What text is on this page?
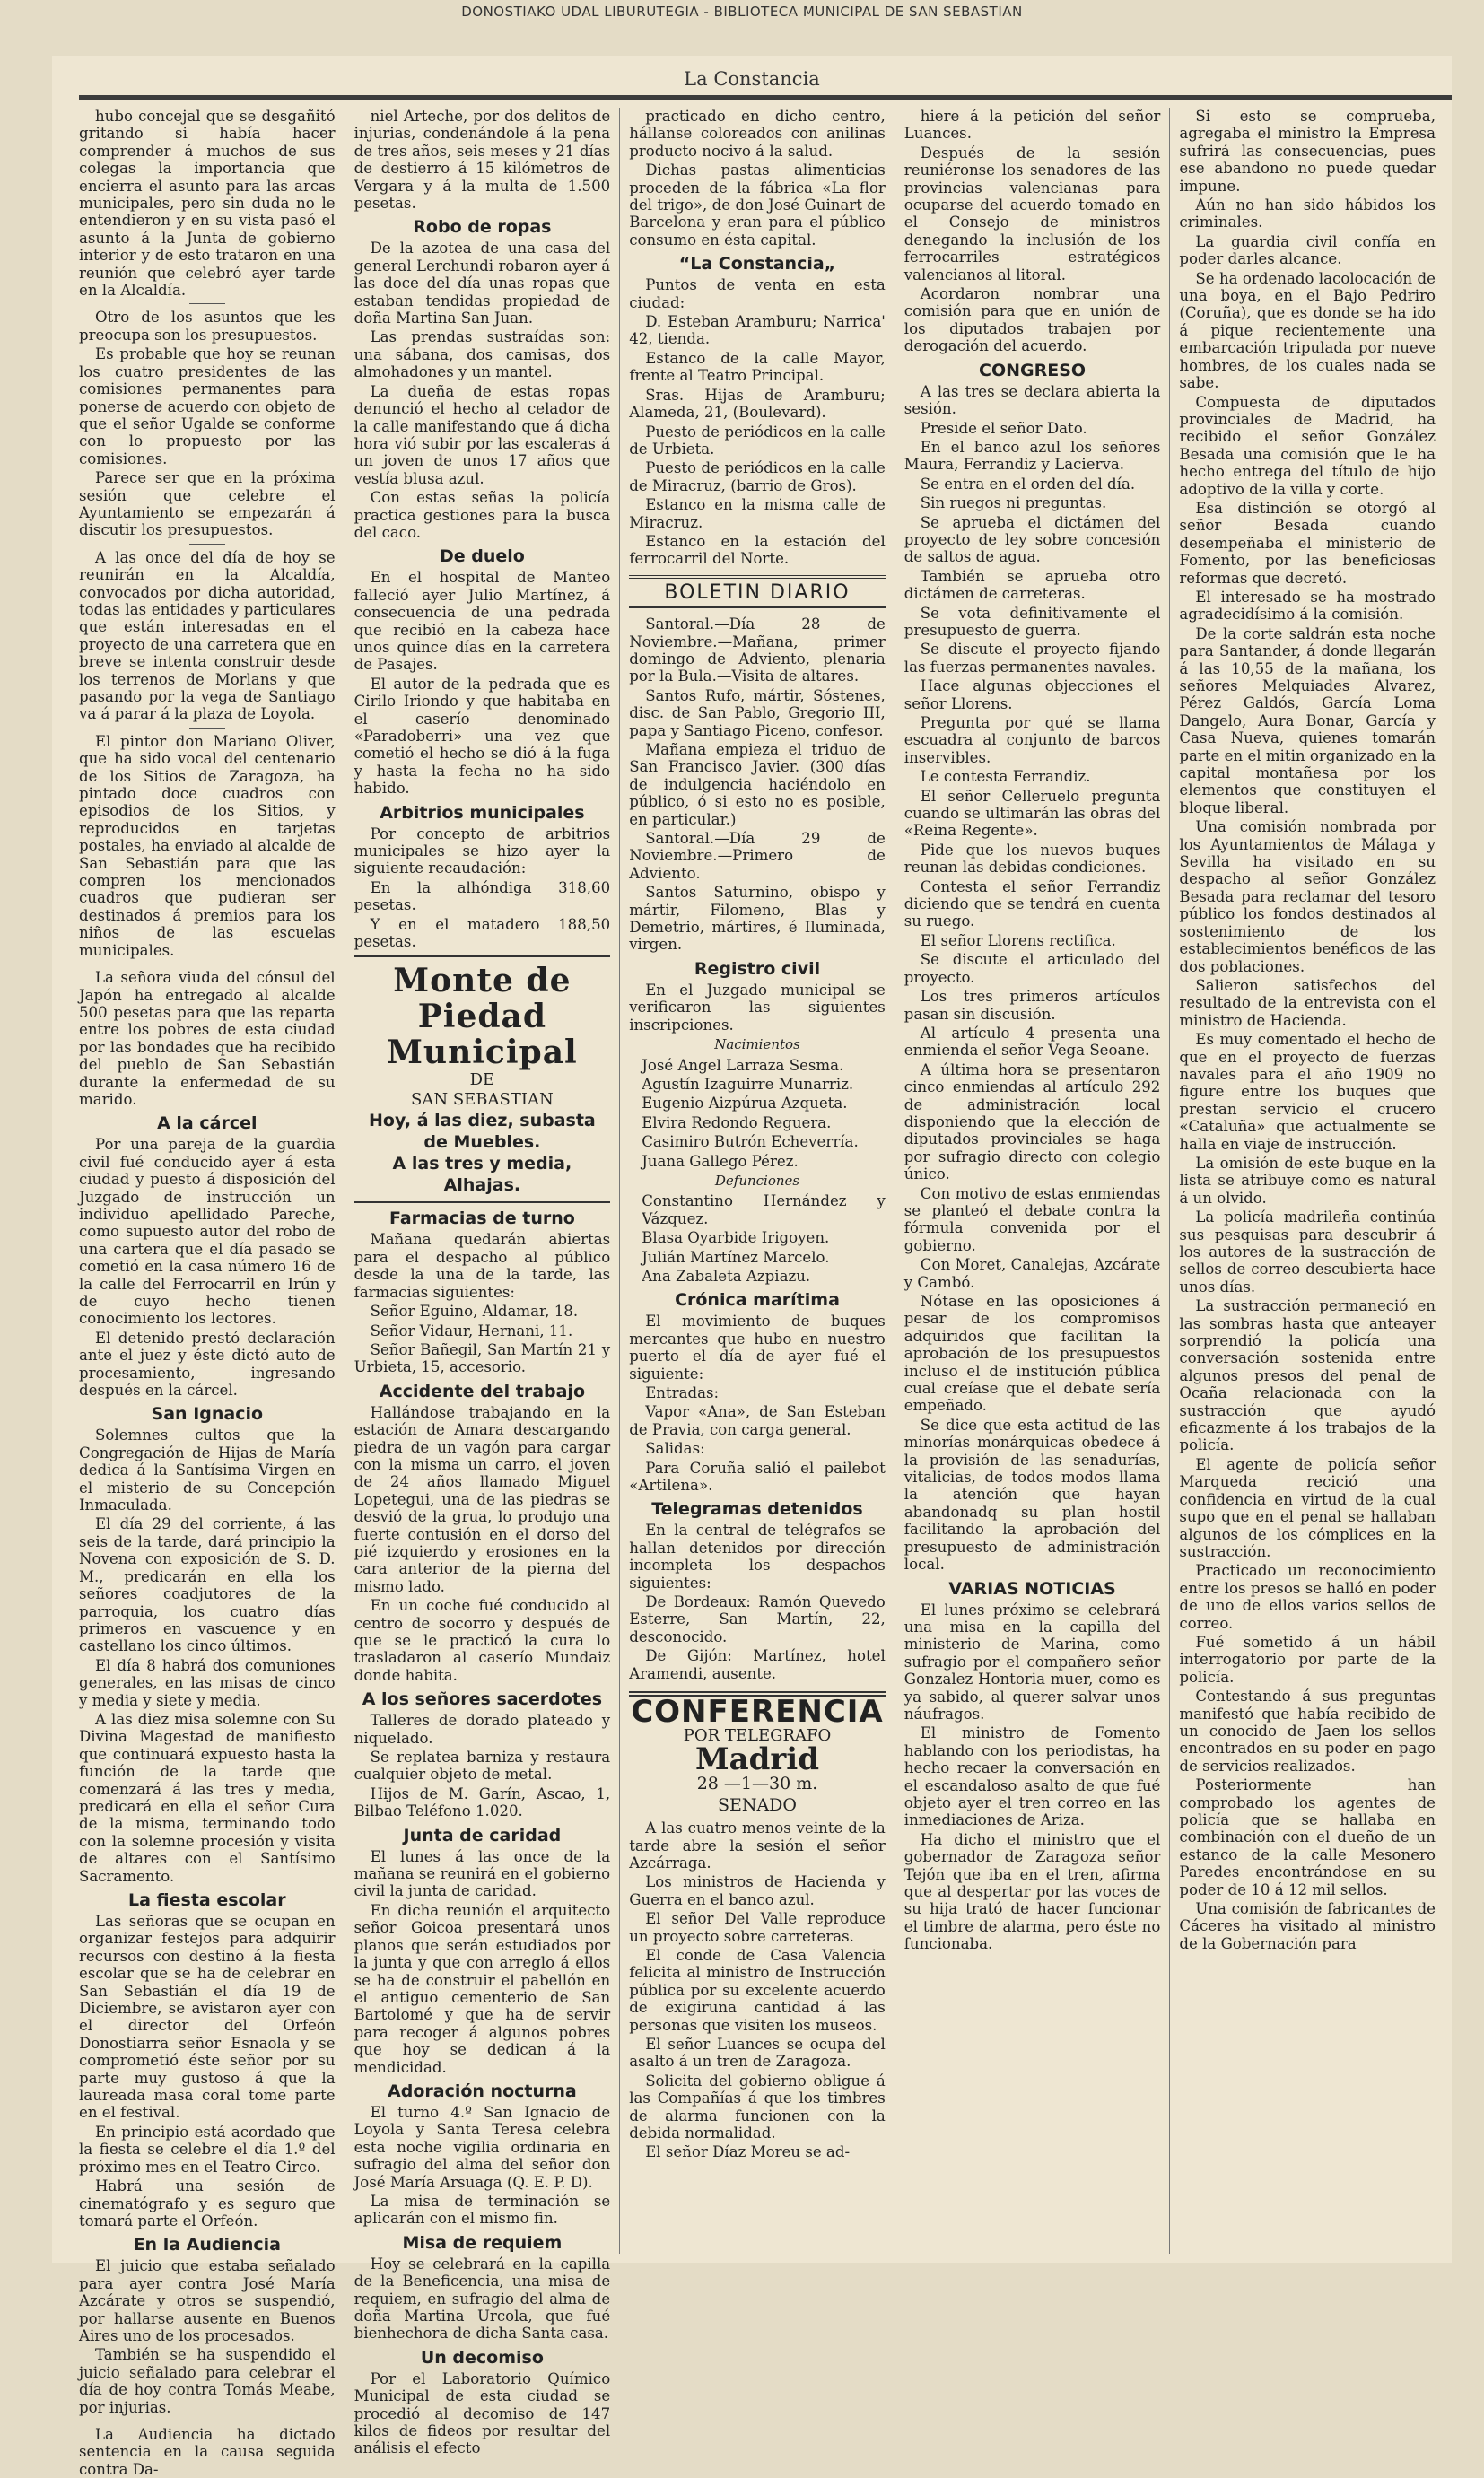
DONOSTIAKO UDAL LIBURUTEGIA - BIBLIOTECA MUNICIPAL DE SAN SEBASTIAN
La Constancia

hubo concejal que se desgañitó gritando si había hacer comprender á muchos de sus colegas la importancia que encierra el asunto para las arcas municipales, pero sin duda no le entendieron y en su vista pasó el asunto á la Junta de gobierno interior y de esto trataron en una reunión que celebró ayer tarde en la Alcaldía.

Otro de los asuntos que les preocupa son los presupuestos.

Es probable que hoy se reunan los cuatro presidentes de las comisiones permanentes para ponerse de acuerdo con objeto de que el señor Ugalde se conforme con lo propuesto por las comisiones.

Parece ser que en la próxima sesión que celebre el Ayuntamiento se empezarán á discutir los presupuestos.

A las once del día de hoy se reunirán en la Alcaldía, convocados por dicha autoridad, todas las entidades y particulares que están interesadas en el proyecto de una carretera que en breve se intenta construir desde los terrenos de Morlans y que pasando por la vega de Santiago va á parar á la plaza de Loyola.

El pintor don Mariano Oliver, que ha sido vocal del centenario de los Sitios de Zaragoza, ha pintado doce cuadros con episodios de los Sitios, y reproducidos en tarjetas postales, ha enviado al alcalde de San Sebastián para que las compren los mencionados cuadros que pudieran ser destinados á premios para los niños de las escuelas municipales.

La señora viuda del cónsul del Japón ha entregado al alcalde 500 pesetas para que las reparta entre los pobres de esta ciudad por las bondades que ha recibido del pueblo de San Sebastián durante la enfermedad de su marido.

A la cárcel

Por una pareja de la guardia civil fué conducido ayer á esta ciudad y puesto á disposición del Juzgado de instrucción un individuo apellidado Pareche, como supuesto autor del robo de una cartera que el día pasado se cometió en la casa número 16 de la calle del Ferrocarril en Irún y de cuyo hecho tienen conocimiento los lectores.

El detenido prestó declaración ante el juez y éste dictó auto de procesamiento, ingresando después en la cárcel.

San Ignacio

Solemnes cultos que la Congregación de Hijas de María dedica á la Santísima Virgen en el misterio de su Concepción Inmaculada.

El día 29 del corriente, á las seis de la tarde, dará principio la Novena con exposición de S. D. M., predicarán en ella los señores coadjutores de la parroquia, los cuatro días primeros en vascuence y en castellano los cinco últimos.

El día 8 habrá dos comuniones generales, en las misas de cinco y media y siete y media.

A las diez misa solemne con Su Divina Magestad de manifiesto que continuará expuesto hasta la función de la tarde que comenzará á las tres y media, predicará en ella el señor Cura de la misma, terminando todo con la solemne procesión y visita de altares con el Santísimo Sacramento.

La fiesta escolar

Las señoras que se ocupan en organizar festejos para adquirir recursos con destino á la fiesta escolar que se ha de celebrar en San Sebastián el día 19 de Diciembre, se avistaron ayer con el director del Orfeón Donostiarra señor Esnaola y se comprometió éste señor por su parte muy gustoso á que la laureada masa coral tome parte en el festival.

En principio está acordado que la fiesta se celebre el día 1.º del próximo mes en el Teatro Circo.

Habrá una sesión de cinematógrafo y es seguro que tomará parte el Orfeón.

En la Audiencia

El juicio que estaba señalado para ayer contra José María Azcárate y otros se suspendió, por hallarse ausente en Buenos Aires uno de los procesados.

También se ha suspendido el juicio señalado para celebrar el día de hoy contra Tomás Meabe, por injurias.

La Audiencia ha dictado sentencia en la causa seguida contra Da-

niel Arteche, por dos delitos de injurias, condenándole á la pena de tres años, seis meses y 21 días de destierro á 15 kilómetros de Vergara y á la multa de 1.500 pesetas.

Robo de ropas

De la azotea de una casa del general Lerchundi robaron ayer á las doce del día unas ropas que estaban tendidas propiedad de doña Martina San Juan.

Las prendas sustraídas son: una sábana, dos camisas, dos almohadones y un mantel.

La dueña de estas ropas denunció el hecho al celador de la calle manifestando que á dicha hora vió subir por las escaleras á un joven de unos 17 años que vestía blusa azul.

Con estas señas la policía practica gestiones para la busca del caco.

De duelo

En el hospital de Manteo falleció ayer Julio Martínez, á consecuencia de una pedrada que recibió en la cabeza hace unos quince días en la carretera de Pasajes.

El autor de la pedrada que es Cirilo Iriondo y que habitaba en el caserío denominado «Paradoberri» una vez que cometió el hecho se dió á la fuga y hasta la fecha no ha sido habido.

Arbitrios municipales

Por concepto de arbitrios municipales se hizo ayer la siguiente recaudación:

En la alhóndiga 318,60 pesetas.

Y en el matadero 188,50 pesetas.

Monte de Piedad Municipal
DE
SAN SEBASTIAN
Hoy, á las diez, subasta de Muebles.
A las tres y media, Alhajas.
Farmacias de turno

Mañana quedarán abiertas para el despacho al público desde la una de la tarde, las farmacias siguientes:

Señor Eguino, Aldamar, 18.

Señor Vidaur, Hernani, 11.

Señor Bañegil, San Martín 21 y Urbieta, 15, accesorio.

Accidente del trabajo

Hallándose trabajando en la estación de Amara descargando piedra de un vagón para cargar con la misma un carro, el joven de 24 años llamado Miguel Lopetegui, una de las piedras se desvió de la grua, lo produjo una fuerte contusión en el dorso del pié izquierdo y erosiones en la cara anterior de la pierna del mismo lado.

En un coche fué conducido al centro de socorro y después de que se le practicó la cura lo trasladaron al caserío Mundaiz donde habita.

A los señores sacerdotes

Talleres de dorado plateado y niquelado.

Se replatea barniza y restaura cualquier objeto de metal.

Hijos de M. Garín, Ascao, 1, Bilbao Teléfono 1.020.

Junta de caridad

El lunes á las once de la mañana se reunirá en el gobierno civil la junta de caridad.

En dicha reunión el arquitecto señor Goicoa presentará unos planos que serán estudiados por la junta y que con arreglo á ellos se ha de construir el pabellón en el antiguo cementerio de San Bartolomé y que ha de servir para recoger á algunos pobres que hoy se dedican á la mendicidad.

Adoración nocturna

El turno 4.º San Ignacio de Loyola y Santa Teresa celebra esta noche vigilia ordinaria en sufragio del alma del señor don José María Arsuaga (Q. E. P. D).

La misa de terminación se aplicarán con el mismo fin.

Misa de requiem

Hoy se celebrará en la capilla de la Beneficencia, una misa de requiem, en sufragio del alma de doña Martina Urcola, que fué bienhechora de dicha Santa casa.

Un decomiso

Por el Laboratorio Químico Municipal de esta ciudad se procedió al decomiso de 147 kilos de fideos por resultar del análisis el efecto

practicado en dicho centro, hállanse coloreados con anilinas producto nocivo á la salud.

Dichas pastas alimenticias proceden de la fábrica «La flor del trigo», de don José Guinart de Barcelona y eran para el público consumo en ésta capital.

“La Constancia„

Puntos de venta en esta ciudad:

D. Esteban Aramburu; Narrica' 42, tienda.

Estanco de la calle Mayor, frente al Teatro Principal.

Sras. Hijas de Aramburu; Alameda, 21, (Boulevard).

Puesto de periódicos en la calle de Urbieta.

Puesto de periódicos en la calle de Miracruz, (barrio de Gros).

Estanco en la misma calle de Miracruz.

Estanco en la estación del ferrocarril del Norte.

BOLETIN DIARIO

Santoral.—Día 28 de Noviembre.—Mañana, primer domingo de Adviento, plenaria por la Bula.—Visita de altares.

Santos Rufo, mártir, Sóstenes, disc. de San Pablo, Gregorio III, papa y Santiago Piceno, confesor.

Mañana empieza el triduo de San Francisco Javier. (300 días de indulgencia haciéndolo en público, ó si esto no es posible, en particular.)

Santoral.—Día 29 de Noviembre.—Primero de Adviento.

Santos Saturnino, obispo y mártir, Filomeno, Blas y Demetrio, mártires, é Iluminada, virgen.

Registro civil

En el Juzgado municipal se verificaron las siguientes inscripciones.

Nacimientos

José Angel Larraza Sesma.

Agustín Izaguirre Munarriz.

Eugenio Aizpúrua Azqueta.

Elvira Redondo Reguera.

Casimiro Butrón Echeverría.

Juana Gallego Pérez.

Defunciones

Constantino Hernández y Vázquez.

Blasa Oyarbide Irigoyen.

Julián Martínez Marcelo.

Ana Zabaleta Azpiazu.

Crónica marítima

El movimiento de buques mercantes que hubo en nuestro puerto el día de ayer fué el siguiente:

Entradas:

Vapor «Ana», de San Esteban de Pravia, con carga general.

Salidas:

Para Coruña salió el pailebot «Artilena».

Telegramas detenidos

En la central de telégrafos se hallan detenidos por dirección incompleta los despachos siguientes:

De Bordeaux: Ramón Quevedo Esterre, San Martín, 22, desconocido.

De Gijón: Martínez, hotel Aramendi, ausente.

CONFERENCIA
POR TELEGRAFO
Madrid
28 —1—30 m.
SENADO

A las cuatro menos veinte de la tarde abre la sesión el señor Azcárraga.

Los ministros de Hacienda y Guerra en el banco azul.

El señor Del Valle reproduce un proyecto sobre carreteras.

El conde de Casa Valencia felicita al ministro de Instrucción pública por su excelente acuerdo de exigiruna cantidad á las personas que visiten los museos.

El señor Luances se ocupa del asalto á un tren de Zaragoza.

Solicita del gobierno obligue á las Compañías á que los timbres de alarma funcionen con la debida normalidad.

El señor Díaz Moreu se ad-

hiere á la petición del señor Luances.

Después de la sesión reuniéronse los senadores de las provincias valencianas para ocuparse del acuerdo tomado en el Consejo de ministros denegando la inclusión de los ferrocarriles estratégicos valencianos al litoral.

Acordaron nombrar una comisión para que en unión de los diputados trabajen por derogación del acuerdo.

CONGRESO

A las tres se declara abierta la sesión.

Preside el señor Dato.

En el banco azul los señores Maura, Ferrandiz y Lacierva.

Se entra en el orden del día.

Sin ruegos ni preguntas.

Se aprueba el dictámen del proyecto de ley sobre concesión de saltos de agua.

También se aprueba otro dictámen de carreteras.

Se vota definitivamente el presupuesto de guerra.

Se discute el proyecto fijando las fuerzas permanentes navales.

Hace algunas objecciones el señor Llorens.

Pregunta por qué se llama escuadra al conjunto de barcos inservibles.

Le contesta Ferrandiz.

El señor Celleruelo pregunta cuando se ultimarán las obras del «Reina Regente».

Pide que los nuevos buques reunan las debidas condiciones.

Contesta el señor Ferrandiz diciendo que se tendrá en cuenta su ruego.

El señor Llorens rectifica.

Se discute el articulado del proyecto.

Los tres primeros artículos pasan sin discusión.

Al artículo 4 presenta una enmienda el señor Vega Seoane.

A última hora se presentaron cinco enmiendas al artículo 292 de administración local disponiendo que la elección de diputados provinciales se haga por sufragio directo con colegio único.

Con motivo de estas enmiendas se planteó el debate contra la fórmula convenida por el gobierno.

Con Moret, Canalejas, Azcárate y Cambó.

Nótase en las oposiciones á pesar de los compromisos adquiridos que facilitan la aprobación de los presupuestos incluso el de institución pública cual creíase que el debate sería empeñado.

Se dice que esta actitud de las minorías monárquicas obedece á la provisión de las senadurías, vitalicias, de todos modos llama la atención que hayan abandonadq su plan hostil facilitando la aprobación del presupuesto de administración local.

VARIAS NOTICIAS

El lunes próximo se celebrará una misa en la capilla del ministerio de Marina, como sufragio por el compañero señor Gonzalez Hontoria muer, como es ya sabido, al querer salvar unos náufragos.

El ministro de Fomento hablando con los periodistas, ha hecho recaer la conversación en el escandaloso asalto de que fué objeto ayer el tren correo en las inmediaciones de Ariza.

Ha dicho el ministro que el gobernador de Zaragoza señor Tejón que iba en el tren, afirma que al despertar por las voces de su hija trató de hacer funcionar el timbre de alarma, pero éste no funcionaba.

Si esto se comprueba, agregaba el ministro la Empresa sufrirá las consecuencias, pues ese abandono no puede quedar impune.

Aún no han sido hábidos los criminales.

La guardia civil confía en poder darles alcance.

Se ha ordenado lacolocación de una boya, en el Bajo Pedriro (Coruña), que es donde se ha ido á pique recientemente una embarcación tripulada por nueve hombres, de los cuales nada se sabe.

Compuesta de diputados provinciales de Madrid, ha recibido el señor González Besada una comisión que le ha hecho entrega del título de hijo adoptivo de la villa y corte.

Esa distinción se otorgó al señor Besada cuando desempeñaba el ministerio de Fomento, por las beneficiosas reformas que decretó.

El interesado se ha mostrado agradecidísimo á la comisión.

De la corte saldrán esta noche para Santander, á donde llegarán á las 10,55 de la mañana, los señores Melquiades Alvarez, Pérez Galdós, García Loma Dangelo, Aura Bonar, García y Casa Nueva, quienes tomarán parte en el mitin organizado en la capital montañesa por los elementos que constituyen el bloque liberal.

Una comisión nombrada por los Ayuntamientos de Málaga y Sevilla ha visitado en su despacho al señor González Besada para reclamar del tesoro público los fondos destinados al sostenimiento de los establecimientos benéficos de las dos poblaciones.

Salieron satisfechos del resultado de la entrevista con el ministro de Hacienda.

Es muy comentado el hecho de que en el proyecto de fuerzas navales para el año 1909 no figure entre los buques que prestan servicio el crucero «Cataluña» que actualmente se halla en viaje de instrucción.

La omisión de este buque en la lista se atribuye como es natural á un olvido.

La policía madrileña continúa sus pesquisas para descubrir á los autores de la sustracción de sellos de correo descubierta hace unos días.

La sustracción permaneció en las sombras hasta que anteayer sorprendió la policía una conversación sostenida entre algunos presos del penal de Ocaña relacionada con la sustracción que ayudó eficazmente á los trabajos de la policía.

El agente de policía señor Marqueda recició una confidencia en virtud de la cual supo que en el penal se hallaban algunos de los cómplices en la sustracción.

Practicado un reconocimiento entre los presos se halló en poder de uno de ellos varios sellos de correo.

Fué sometido á un hábil interrogatorio por parte de la policía.

Contestando á sus preguntas manifestó que había recibido de un conocido de Jaen los sellos encontrados en su poder en pago de servicios realizados.

Posteriormente han comprobado los agentes de policía que se hallaba en combinación con el dueño de un estanco de la calle Mesonero Paredes encontrándose en su poder de 10 á 12 mil sellos.

Una comisión de fabricantes de Cáceres ha visitado al ministro de la Gobernación para
